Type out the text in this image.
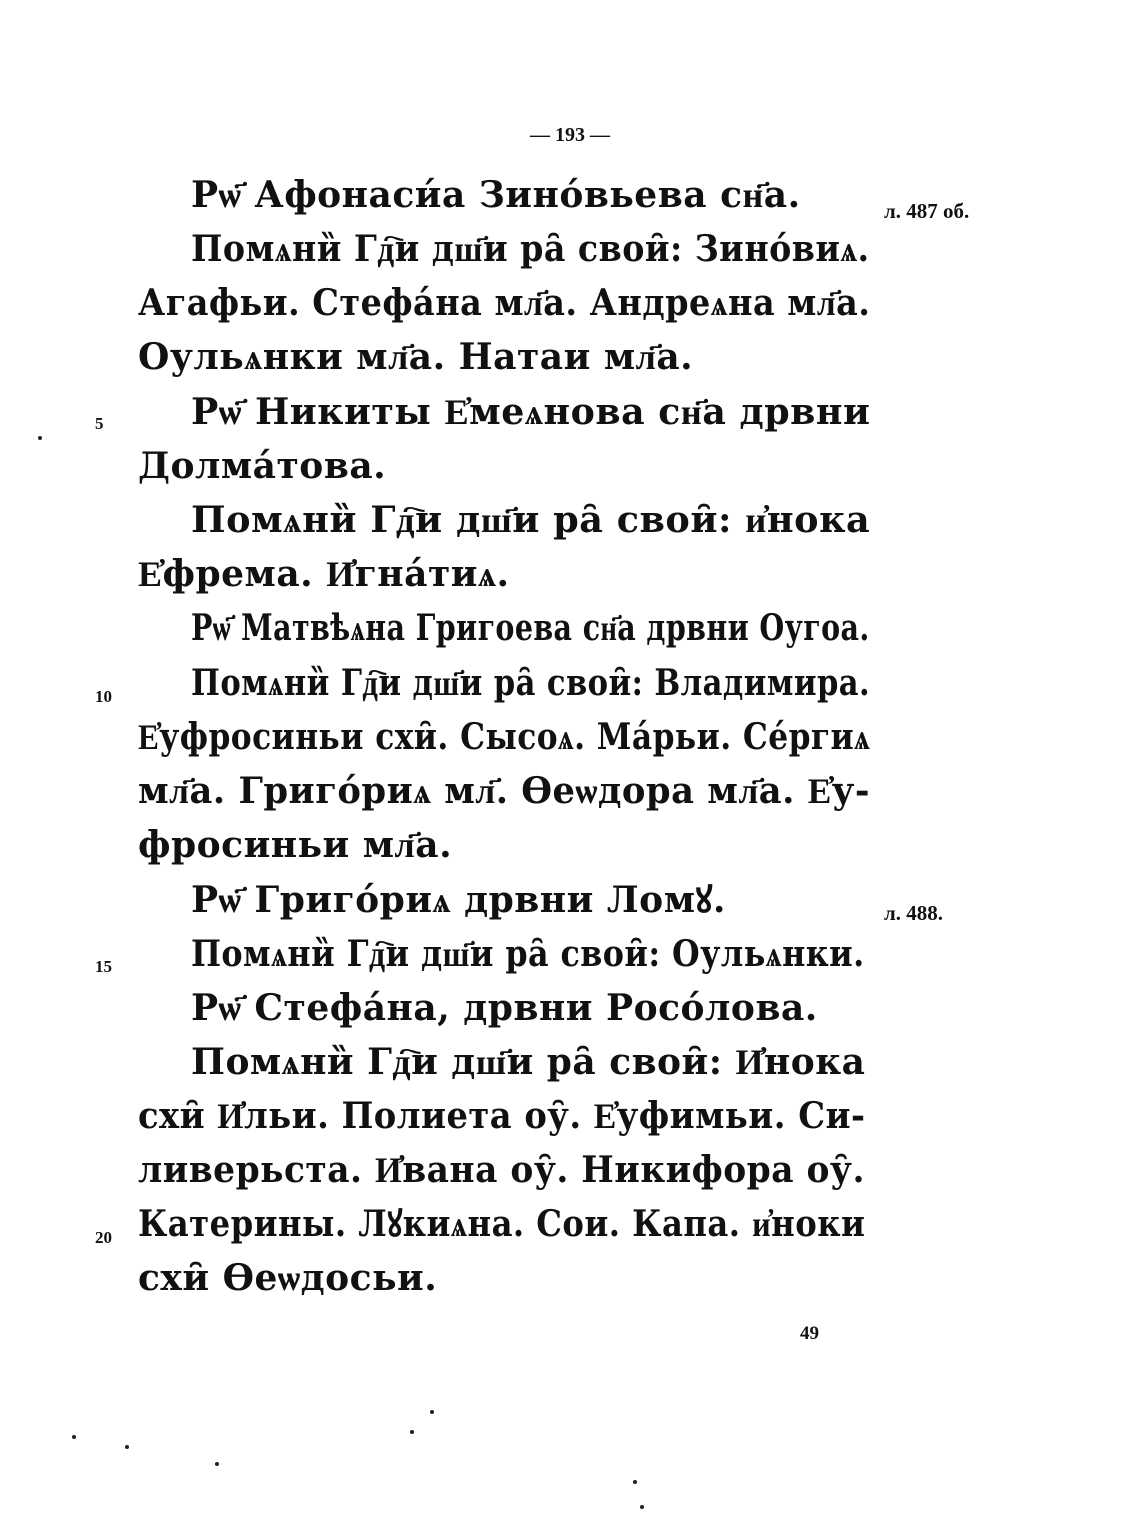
— 193 —
Рѡ҃ Афонаси́а Зино́вьева сн҃а.
Помѧни̏ Гд҇и дш҃и ра̑ свои̑: Зино́виѧ.
Агафьи. Стефа́на мл҃а. Андреѧна мл҃а.
Оульѧнки мл҃а. Натаи мл҃а.
Рѡ҃ Никиты Е҆меѧнова сн҃а дрвни
Долма́това.
Помѧни̏ Гд҇и дш҃и ра̑ свои̑: и҆нока
Е҆фрема. И҆гна́тиѧ.
Рѡ҃ Матвѣѧна Григоева сн҃а дрвни Оугоа.
Помѧни̏ Гд҇и дш҃и ра̑ свои̑: Владимира.
Е҆уфросиньи схи̑. Сысоѧ. Ма́рьи. Се́ргиѧ
мл҃а. Григо́риѧ мл҃. Ѳеѡдора мл҃а. Е҆у-
фросиньи мл҃а.
Рѡ҃ Григо́риѧ дрвни Ломꙋ.
Помѧни̏ Гд҇и дш҃и ра̑ свои̑: Оульѧнки.
Рѡ҃ Стефа́на, дрвни Росо́лова.
Помѧни̏ Гд҇и дш҃и ра̑ свои̑: И҆нока
схи̑ И҆льи. Полиета оу̑. Е҆уфимьи. Си-
ливерьста. И҆вана оу̑. Никифора оу̑.
Катерины. Лꙋкиѧна. Сои. Капа. и҆ноки
схи̑ Ѳеѡдосьи.
5
10
15
20
л. 487 об.
л. 488.
49
